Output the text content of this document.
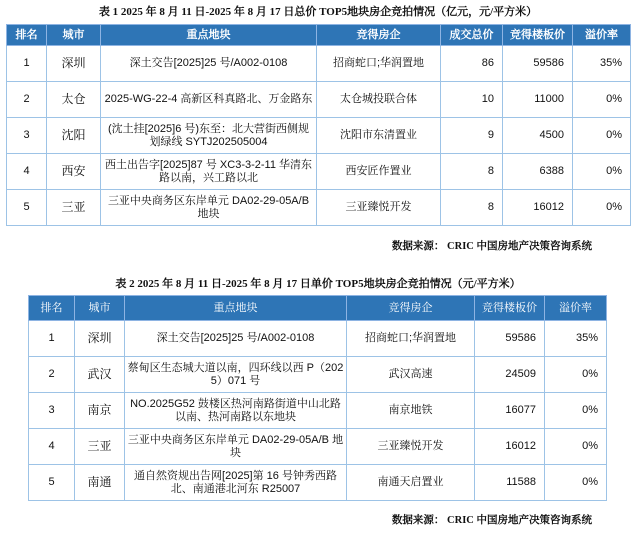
表 1 2025 年 8 月 11 日-2025 年 8 月 17 日总价 TOP5地块房企竞拍情况（亿元，元/平方米）
排名	城市	重点地块	竞得房企	成交总价	竞得楼板价	溢价率
1	深圳	深土交告[2025]25 号/A002-0108	招商蛇口;华润置地	86	59586	35%
2	太仓	2025-WG-22-4 高新区科真路北、万金路东	太仓城投联合体	10	11000	0%
3	沈阳	(沈土挂[2025]6 号)东至：北大营街西侧规划绿线 SYTJ202505004	沈阳市东清置业	9	4500	0%
4	西安	西土出告字[2025]87 号 XC3-3-2-11 华清东路以南，兴工路以北	西安匠作置业	8	6388	0%
5	三亚	三亚中央商务区东岸单元 DA02-29-05A/B 地块	三亚臻悦开发	8	16012	0%
数据来源： CRIC 中国房地产决策咨询系统
表 2 2025 年 8 月 11 日-2025 年 8 月 17 日单价 TOP5地块房企竞拍情况（元/平方米）
排名	城市	重点地块	竞得房企	竞得楼板价	溢价率
1	深圳	深土交告[2025]25 号/A002-0108	招商蛇口;华润置地	59586	35%
2	武汉	蔡甸区生态城大道以南，四环线以西 P（2025）071 号	武汉高速	24509	0%
3	南京	NO.2025G52 鼓楼区热河南路街道中山北路以南、热河南路以东地块	南京地铁	16077	0%
4	三亚	三亚中央商务区东岸单元 DA02-29-05A/B 地块	三亚臻悦开发	16012	0%
5	南通	通自然资规出告网[2025]第 16 号钟秀西路北、南通港北河东 R25007	南通天启置业	11588	0%
数据来源： CRIC 中国房地产决策咨询系统
